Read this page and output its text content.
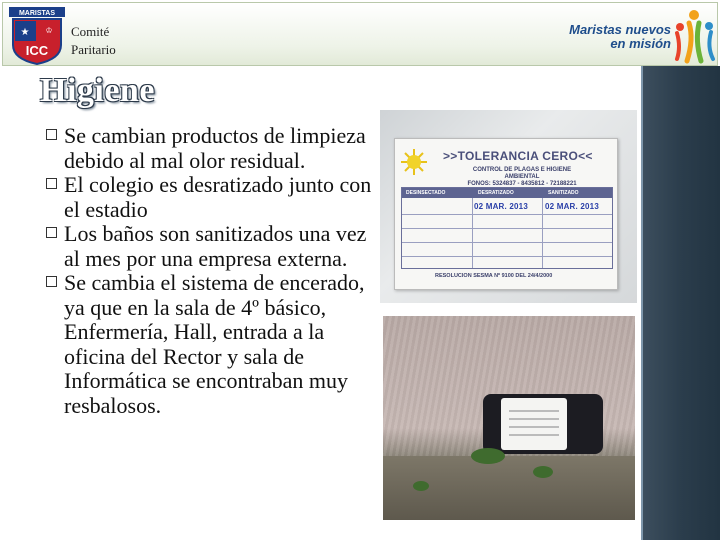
MARISTAS
★ ♔
ICC
Comité
Paritario
Maristas nuevos
en misión
Higiene
Se cambian productos de limpieza debido al mal olor residual.
El colegio es desratizado junto con el estadio
Los baños son sanitizados una vez al mes por una empresa externa.
Se cambia el sistema de encerado, ya que en la sala de 4º básico, Enfermería, Hall, entrada a la oficina del Rector y sala de Informática se encontraban muy resbalosos.
>>TOLERANCIA CERO<<
CONTROL DE PLAGAS E HIGIENE AMBIENTAL
FONOS: 5324837 - 8435812 - 72188221
DESINSECTADO	DESRATIZADO	SANITIZADO
02 MAR. 2013 02 MAR. 2013
RESOLUCION SESMA Nº 9100 DEL 24/4/2000
